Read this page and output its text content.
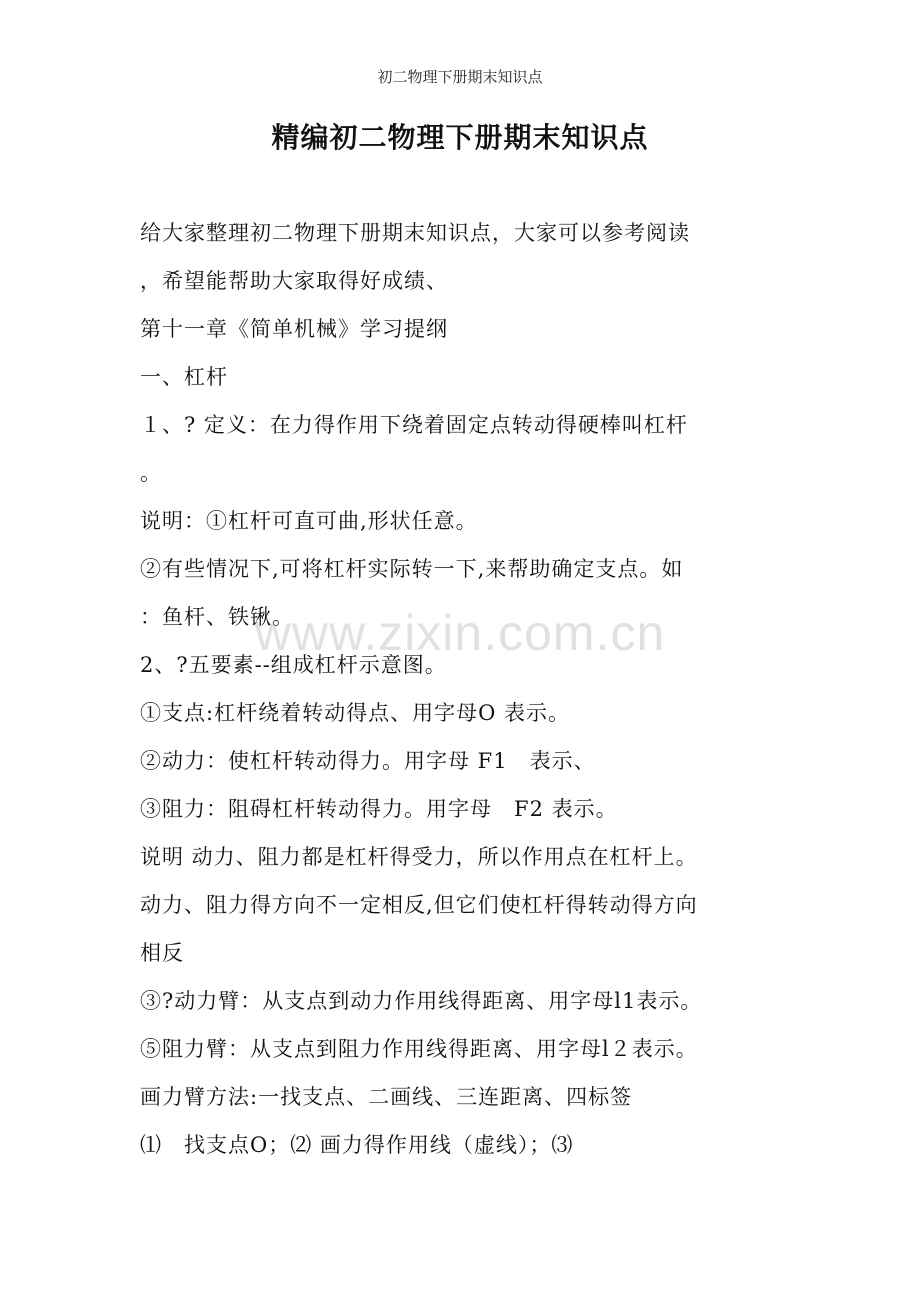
初二物理下册期末知识点
精编初二物理下册期末知识点
给大家整理初二物理下册期末知识点，大家可以参考阅读
，希望能帮助大家取得好成绩、
第十一章《简单机械》学习提纲
一、杠杆
１、? 定义：在力得作用下绕着固定点转动得硬棒叫杠杆
。
说明：①杠杆可直可曲,形状任意。
②有些情况下,可将杠杆实际转一下,来帮助确定支点。如
：鱼杆、铁锹。
2、?五要素--组成杠杆示意图。
①支点:杠杆绕着转动得点、用字母O 表示。
②动力：使杠杆转动得力。用字母 F1　表示、
③阻力：阻碍杠杆转动得力。用字母　F2 表示。
说明 动力、阻力都是杠杆得受力，所以作用点在杠杆上。
动力、阻力得方向不一定相反,但它们使杠杆得转动得方向
相反
③?动力臂：从支点到动力作用线得距离、用字母l1表示。
⑤阻力臂：从支点到阻力作用线得距离、用字母l２表示。
画力臂方法:一找支点、二画线、三连距离、四标签
⑴　找支点O；⑵ 画力得作用线（虚线）；⑶
www.zixin.com.cn
